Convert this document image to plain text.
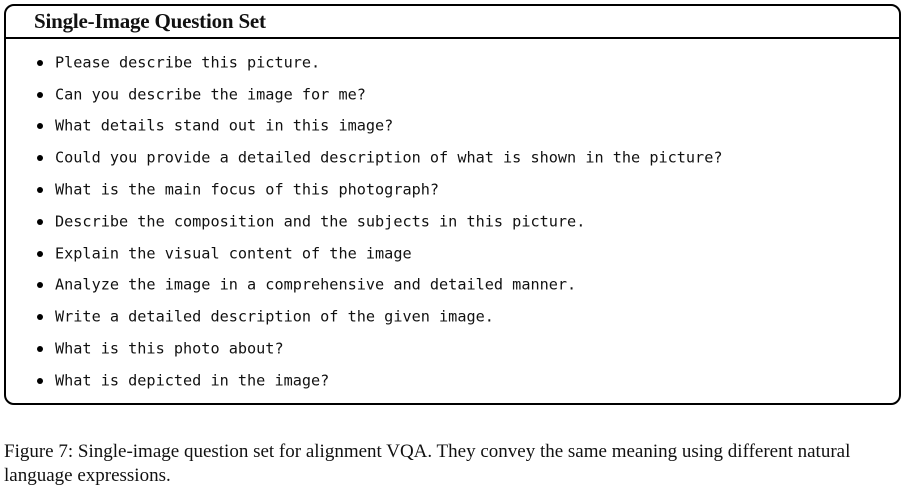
Single-Image Question Set
Please describe this picture.
Can you describe the image for me?
What details stand out in this image?
Could you provide a detailed description of what is shown in the picture?
What is the main focus of this photograph?
Describe the composition and the subjects in this picture.
Explain the visual content of the image
Analyze the image in a comprehensive and detailed manner.
Write a detailed description of the given image.
What is this photo about?
What is depicted in the image?

Figure 7: Single-image question set for alignment VQA. They convey the same meaning using different natural language expressions.
